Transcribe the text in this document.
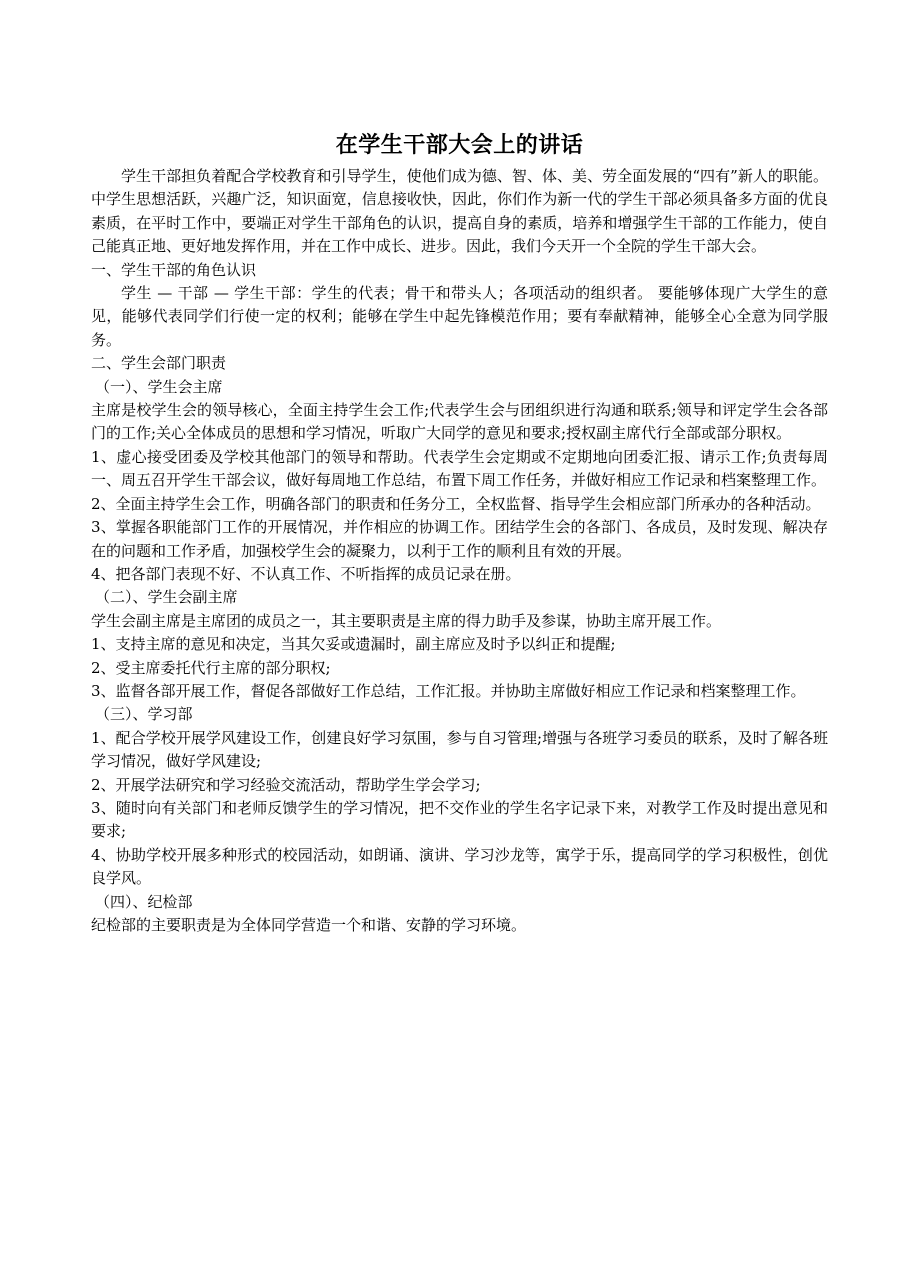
在学生干部大会上的讲话

学生干部担负着配合学校教育和引导学生，使他们成为德、智、体、美、劳全面发展的“四有”新人的职能。中学生思想活跃，兴趣广泛，知识面宽，信息接收快，因此，你们作为新一代的学生干部必须具备多方面的优良素质，在平时工作中，要端正对学生干部角色的认识，提高自身的素质，培养和增强学生干部的工作能力，使自己能真正地、更好地发挥作用，并在工作中成长、进步。因此，我们今天开一个全院的学生干部大会。

一、学生干部的角色认识

学生 — 干部 — 学生干部：学生的代表；骨干和带头人；各项活动的组织者。 要能够体现广大学生的意见，能够代表同学们行使一定的权利；能够在学生中起先锋模范作用；要有奉献精神，能够全心全意为同学服务。

二、学生会部门职责

（一）、学生会主席

主席是校学生会的领导核心，全面主持学生会工作;代表学生会与团组织进行沟通和联系;领导和评定学生会各部门的工作;关心全体成员的思想和学习情况，听取广大同学的意见和要求;授权副主席代行全部或部分职权。

1、虚心接受团委及学校其他部门的领导和帮助。代表学生会定期或不定期地向团委汇报、请示工作;负责每周一、周五召开学生干部会议，做好每周地工作总结，布置下周工作任务，并做好相应工作记录和档案整理工作。

2、全面主持学生会工作，明确各部门的职责和任务分工，全权监督、指导学生会相应部门所承办的各种活动。

3、掌握各职能部门工作的开展情况，并作相应的协调工作。团结学生会的各部门、各成员，及时发现、解决存在的问题和工作矛盾，加强校学生会的凝聚力，以利于工作的顺利且有效的开展。

4、把各部门表现不好、不认真工作、不听指挥的成员记录在册。

（二）、学生会副主席

学生会副主席是主席团的成员之一，其主要职责是主席的得力助手及参谋，协助主席开展工作。

1、支持主席的意见和决定，当其欠妥或遗漏时，副主席应及时予以纠正和提醒;

2、受主席委托代行主席的部分职权;

3、监督各部开展工作，督促各部做好工作总结，工作汇报。并协助主席做好相应工作记录和档案整理工作。

（三）、学习部

1、配合学校开展学风建设工作，创建良好学习氛围，参与自习管理;增强与各班学习委员的联系，及时了解各班学习情况，做好学风建设;

2、开展学法研究和学习经验交流活动，帮助学生学会学习;

3、随时向有关部门和老师反馈学生的学习情况，把不交作业的学生名字记录下来，对教学工作及时提出意见和要求;

4、协助学校开展多种形式的校园活动，如朗诵、演讲、学习沙龙等，寓学于乐，提高同学的学习积极性，创优良学风。

（四）、纪检部

纪检部的主要职责是为全体同学营造一个和谐、安静的学习环境。
